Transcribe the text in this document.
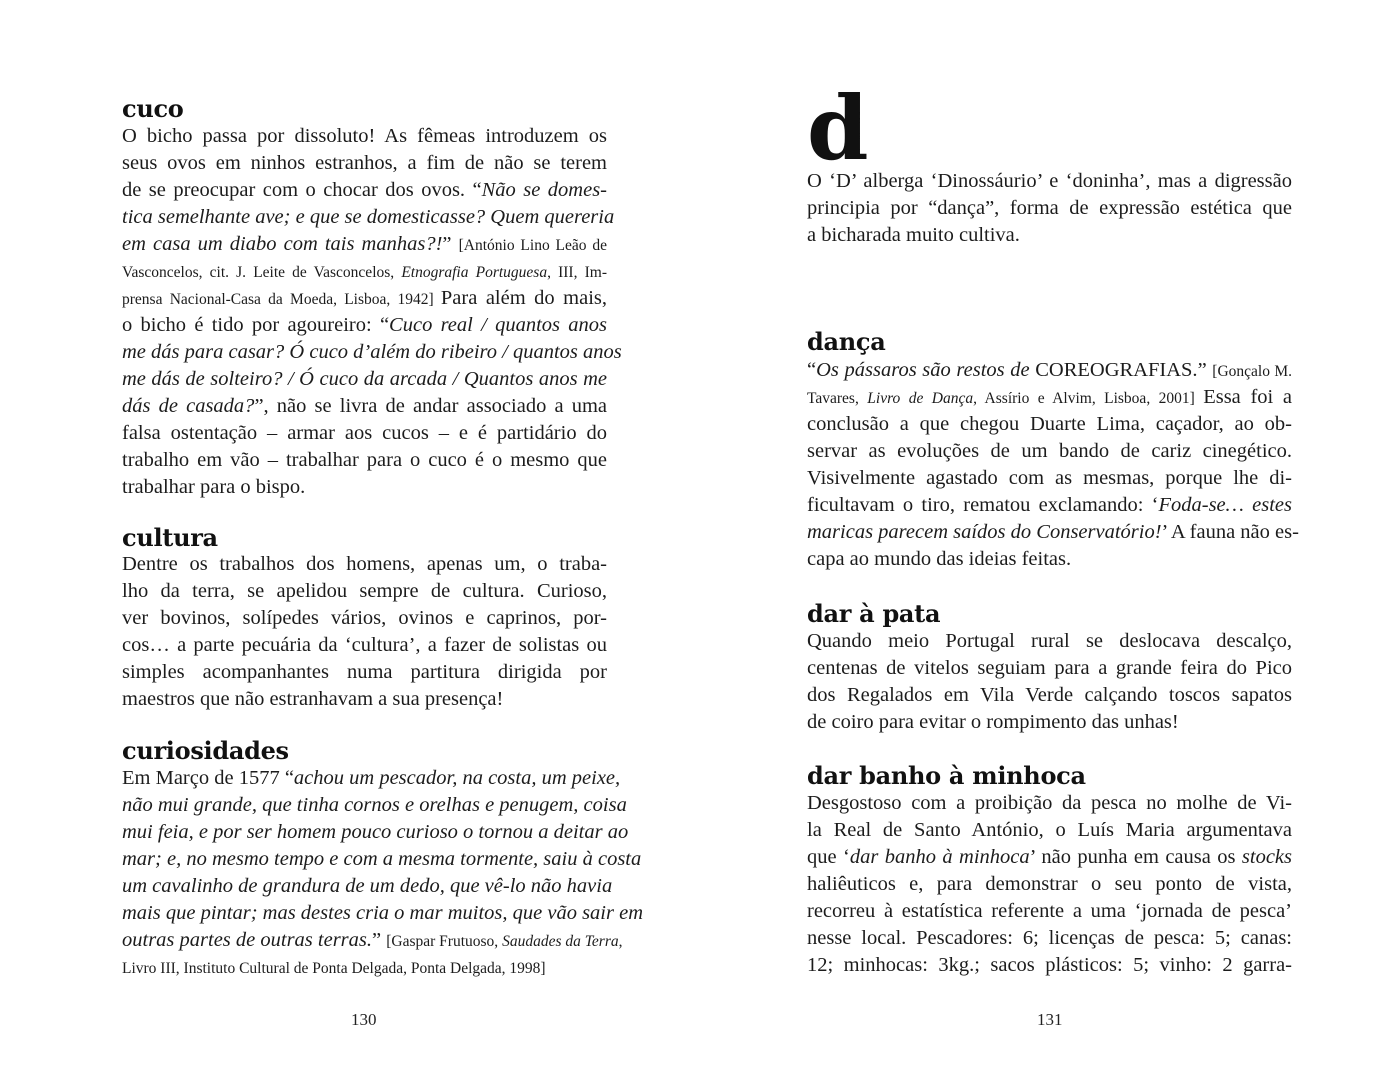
cuco
cultura
curiosidades
O bicho passa por dissoluto! As fêmeas introduzem os
seus ovos em ninhos estranhos, a fim de não se terem
de se preocupar com o chocar dos ovos. “Não se domes-
tica semelhante ave; e que se domesticasse? Quem quereria
em casa um diabo com tais manhas?!” [António Lino Leão de
Vasconcelos, cit. J. Leite de Vasconcelos, Etnografia Portuguesa, III, Im-
prensa Nacional-Casa da Moeda, Lisboa, 1942] Para além do mais,
o bicho é tido por agoureiro: “Cuco real / quantos anos
me dás para casar? Ó cuco d’além do ribeiro / quantos anos
me dás de solteiro? / Ó cuco da arcada / Quantos anos me
dás de casada?”, não se livra de andar associado a uma
falsa ostentação – armar aos cucos – e é partidário do
trabalho em vão – trabalhar para o cuco é o mesmo que
trabalhar para o bispo.
Dentre os trabalhos dos homens, apenas um, o traba-
lho da terra, se apelidou sempre de cultura. Curioso,
ver bovinos, solípedes vários, ovinos e caprinos, por-
cos… a parte pecuária da ‘cultura’, a fazer de solistas ou
simples acompanhantes numa partitura dirigida por
maestros que não estranhavam a sua presença!
Em Março de 1577 “achou um pescador, na costa, um peixe,
não mui grande, que tinha cornos e orelhas e penugem, coisa
mui feia, e por ser homem pouco curioso o tornou a deitar ao
mar; e, no mesmo tempo e com a mesma tormente, saiu à costa
um cavalinho de grandura de um dedo, que vê-lo não havia
mais que pintar; mas destes cria o mar muitos, que vão sair em
outras partes de outras terras.” [Gaspar Frutuoso, Saudades da Terra,
Livro III, Instituto Cultural de Ponta Delgada, Ponta Delgada, 1998]
130
d
dança
dar à pata
dar banho à minhoca
O ‘D’ alberga ‘Dinossáurio’ e ‘doninha’, mas a digressão
principia por “dança”, forma de expressão estética que
a bicharada muito cultiva.
“Os pássaros são restos de COREOGRAFIAS.” [Gonçalo M.
Tavares, Livro de Dança, Assírio e Alvim, Lisboa, 2001] Essa foi a
conclusão a que chegou Duarte Lima, caçador, ao ob-
servar as evoluções de um bando de cariz cinegético.
Visivelmente agastado com as mesmas, porque lhe di-
ficultavam o tiro, rematou exclamando: ‘Foda-se… estes
maricas parecem saídos do Conservatório!’ A fauna não es-
capa ao mundo das ideias feitas.
Quando meio Portugal rural se deslocava descalço,
centenas de vitelos seguiam para a grande feira do Pico
dos Regalados em Vila Verde calçando toscos sapatos
de coiro para evitar o rompimento das unhas!
Desgostoso com a proibição da pesca no molhe de Vi-
la Real de Santo António, o Luís Maria argumentava
que ‘dar banho à minhoca’ não punha em causa os stocks
haliêuticos e, para demonstrar o seu ponto de vista,
recorreu à estatística referente a uma ‘jornada de pesca’
nesse local. Pescadores: 6; licenças de pesca: 5; canas:
12; minhocas: 3kg.; sacos plásticos: 5; vinho: 2 garra-
131
